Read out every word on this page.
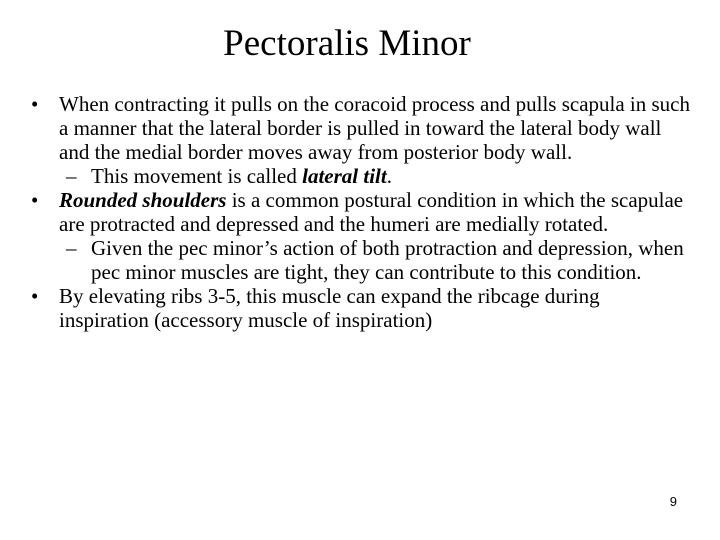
Pectoralis Minor
• When contracting it pulls on the coracoid process and pulls scapula in such a manner that the lateral border is pulled in toward the lateral body wall and the medial border moves away from posterior body wall.
– This movement is called lateral tilt.
• Rounded shoulders is a common postural condition in which the scapulae are protracted and depressed and the humeri are medially rotated.
– Given the pec minor’s action of both protraction and depression, when pec minor muscles are tight, they can contribute to this condition.
• By elevating ribs 3-5, this muscle can expand the ribcage during inspiration (accessory muscle of inspiration)
9
